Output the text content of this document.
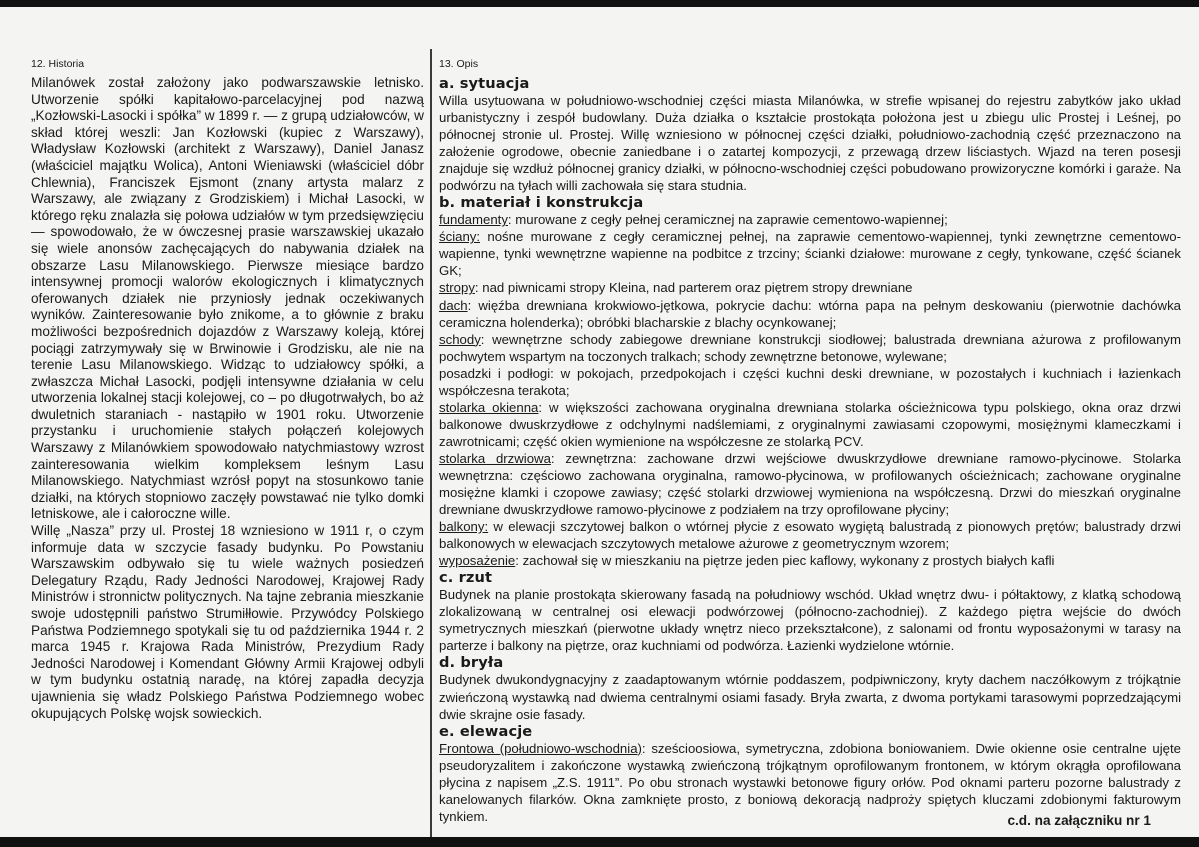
12. Historia

Milanówek został założony jako podwarszawskie letnisko. Utworzenie spółki kapitałowo-parcelacyjnej pod nazwą „Kozłowski-Lasocki i spółka” w 1899 r. — z grupą udziałowców, w skład której weszli: Jan Kozłowski (kupiec z Warszawy), Władysław Kozłowski (architekt z Warszawy), Daniel Janasz (właściciel majątku Wolica), Antoni Wieniawski (właściciel dóbr Chlewnia), Franciszek Ejsmont (znany artysta malarz z Warszawy, ale związany z Grodziskiem) i Michał Lasocki, w którego ręku znalazła się połowa udziałów w tym przedsięwzięciu — spowodowało, że w ówczesnej prasie warszawskiej ukazało się wiele anonsów zachęcających do nabywania działek na obszarze Lasu Milanowskiego. Pierwsze miesiące bardzo intensywnej promocji walorów ekologicznych i klimatycznych oferowanych działek nie przyniosły jednak oczekiwanych wyników. Zainteresowanie było znikome, a to głównie z braku możliwości bezpośrednich dojazdów z Warszawy koleją, której pociągi zatrzymywały się w Brwinowie i Grodzisku, ale nie na terenie Lasu Milanowskiego. Widząc to udziałowcy spółki, a zwłaszcza Michał Lasocki, podjęli intensywne działania w celu utworzenia lokalnej stacji kolejowej, co – po długotrwałych, bo aż dwuletnich staraniach - nastąpiło w 1901 roku. Utworzenie przystanku i uruchomienie stałych połączeń kolejowych Warszawy z Milanówkiem spowodowało natychmiastowy wzrost zainteresowania wielkim kompleksem leśnym Lasu Milanowskiego. Natychmiast wzrósł popyt na stosunkowo tanie działki, na których stopniowo zaczęły powstawać nie tylko domki letniskowe, ale i całoroczne wille.

Willę „Nasza” przy ul. Prostej 18 wzniesiono w 1911 r, o czym informuje data w szczycie fasady budynku. Po Powstaniu Warszawskim odbywało się tu wiele ważnych posiedzeń Delegatury Rządu, Rady Jedności Narodowej, Krajowej Rady Ministrów i stronnictw politycznych. Na tajne zebrania mieszkanie swoje udostępnili państwo Strumiłłowie. Przywódcy Polskiego Państwa Podziemnego spotykali się tu od października 1944 r. 2 marca 1945 r. Krajowa Rada Ministrów, Prezydium Rady Jedności Narodowej i Komendant Główny Armii Krajowej odbyli w tym budynku ostatnią naradę, na której zapadła decyzja ujawnienia się władz Polskiego Państwa Podziemnego wobec okupujących Polskę wojsk sowieckich.

13. Opis
a. sytuacja

Willa usytuowana w południowo-wschodniej części miasta Milanówka, w strefie wpisanej do rejestru zabytków jako układ urbanistyczny i zespół budowlany. Duża działka o kształcie prostokąta położona jest u zbiegu ulic Prostej i Leśnej, po północnej stronie ul. Prostej. Willę wzniesiono w północnej części działki, południowo-zachodnią część przeznaczono na założenie ogrodowe, obecnie zaniedbane i o zatartej kompozycji, z przewagą drzew liściastych. Wjazd na teren posesji znajduje się wzdłuż północnej granicy działki, w północno-wschodniej części pobudowano prowizoryczne komórki i garaże. Na podwórzu na tyłach willi zachowała się stara studnia.

b. materiał i konstrukcja

fundamenty: murowane z cegły pełnej ceramicznej na zaprawie cementowo-wapiennej;

ściany: nośne murowane z cegły ceramicznej pełnej, na zaprawie cementowo-wapiennej, tynki zewnętrzne cementowo-wapienne, tynki wewnętrzne wapienne na podbitce z trzciny; ścianki działowe: murowane z cegły, tynkowane, część ścianek GK;

stropy: nad piwnicami stropy Kleina, nad parterem oraz piętrem stropy drewniane

dach: więźba drewniana krokwiowo-jętkowa, pokrycie dachu: wtórna papa na pełnym deskowaniu (pierwotnie dachówka ceramiczna holenderka); obróbki blacharskie z blachy ocynkowanej;

schody: wewnętrzne schody zabiegowe drewniane konstrukcji siodłowej; balustrada drewniana ażurowa z profilowanym pochwytem wspartym na toczonych tralkach; schody zewnętrzne betonowe, wylewane;

posadzki i podłogi: w pokojach, przedpokojach i części kuchni deski drewniane, w pozostałych i kuchniach i łazienkach współczesna terakota;

stolarka okienna: w większości zachowana oryginalna drewniana stolarka ościeżnicowa typu polskiego, okna oraz drzwi balkonowe dwuskrzydłowe z odchylnymi nadślemiami, z oryginalnymi zawiasami czopowymi, mosiężnymi klameczkami i zawrotnicami; część okien wymienione na współczesne ze stolarką PCV.

stolarka drzwiowa: zewnętrzna: zachowane drzwi wejściowe dwuskrzydłowe drewniane ramowo-płycinowe. Stolarka wewnętrzna: częściowo zachowana oryginalna, ramowo-płycinowa, w profilowanych ościeżnicach; zachowane oryginalne mosiężne klamki i czopowe zawiasy; część stolarki drzwiowej wymieniona na współczesną. Drzwi do mieszkań oryginalne drewniane dwuskrzydłowe ramowo-płycinowe z podziałem na trzy oprofilowane płyciny;

balkony: w elewacji szczytowej balkon o wtórnej płycie z esowato wygiętą balustradą z pionowych prętów; balustrady drzwi balkonowych w elewacjach szczytowych metalowe ażurowe z geometrycznym wzorem;

wyposażenie: zachował się w mieszkaniu na piętrze jeden piec kaflowy, wykonany z prostych białych kafli

c. rzut

Budynek na planie prostokąta skierowany fasadą na południowy wschód. Układ wnętrz dwu- i półtaktowy, z klatką schodową zlokalizowaną w centralnej osi elewacji podwórzowej (północno-zachodniej). Z każdego piętra wejście do dwóch symetrycznych mieszkań (pierwotne układy wnętrz nieco przekształcone), z salonami od frontu wyposażonymi w tarasy na parterze i balkony na piętrze, oraz kuchniami od podwórza. Łazienki wydzielone wtórnie.

d. bryła

Budynek dwukondygnacyjny z zaadaptowanym wtórnie poddaszem, podpiwniczony, kryty dachem naczółkowym z trójkątnie zwieńczoną wystawką nad dwiema centralnymi osiami fasady. Bryła zwarta, z dwoma portykami tarasowymi poprzedzającymi dwie skrajne osie fasady.

e. elewacje

Frontowa (południowo-wschodnia): sześcioosiowa, symetryczna, zdobiona boniowaniem. Dwie okienne osie centralne ujęte pseudoryzalitem i zakończone wystawką zwieńczoną trójkątnym oprofilowanym frontonem, w którym okrągła oprofilowana płycina z napisem „Z.S. 1911”. Po obu stronach wystawki betonowe figury orłów. Pod oknami parteru pozorne balustrady z kanelowanych filarków. Okna zamknięte prosto, z boniową dekoracją nadproży spiętych kluczami zdobionymi fakturowym tynkiem.	c.d. na załączniku nr 1
